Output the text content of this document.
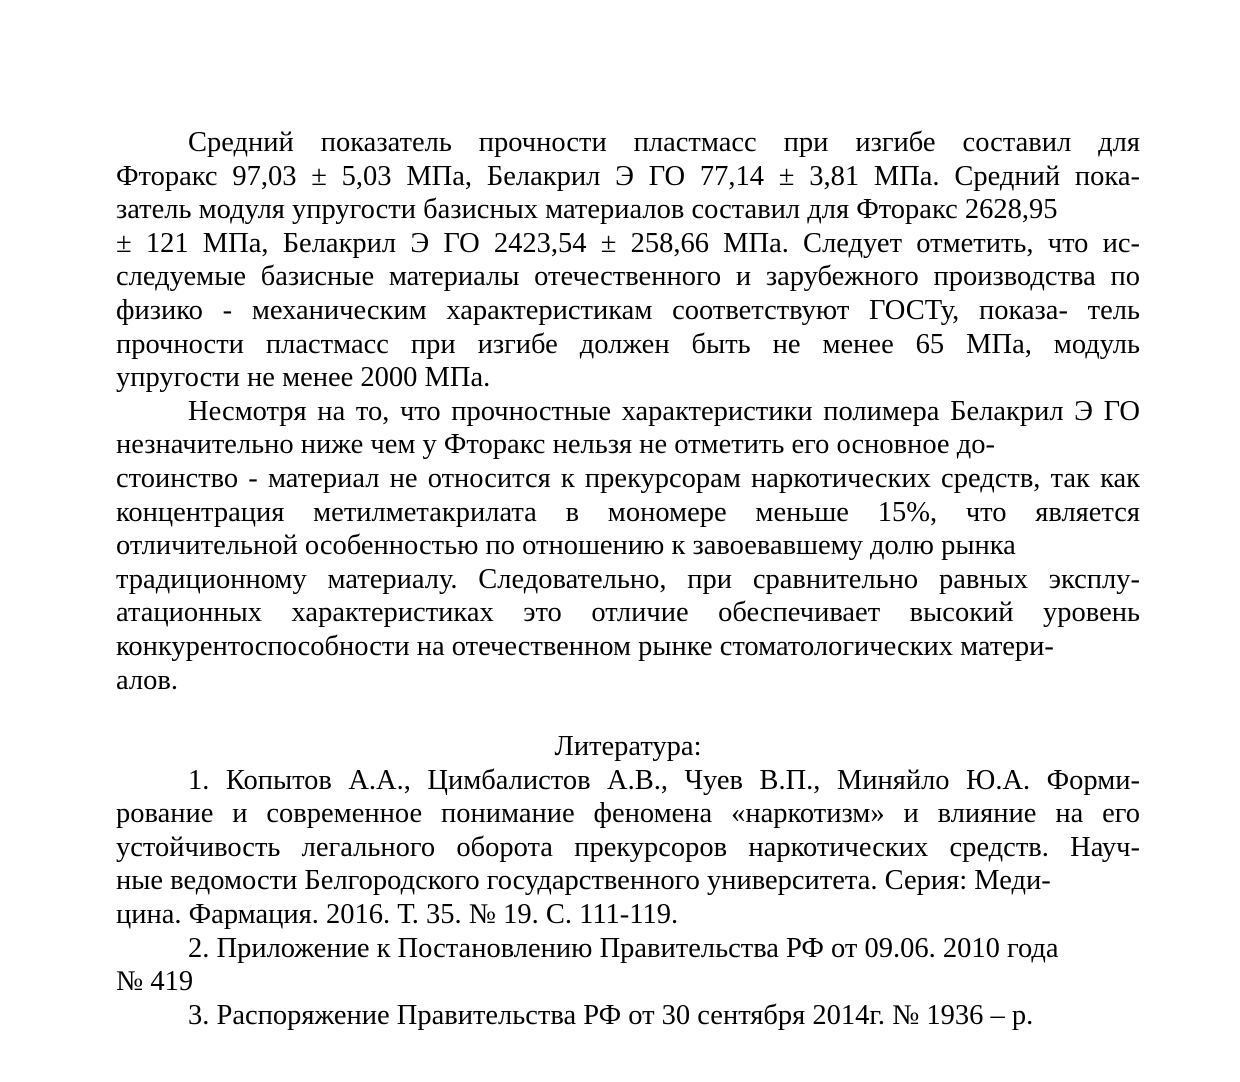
Средний показатель прочности пластмасс при изгибе составил для
Фторакс 97,03 ± 5,03 МПа, Белакрил Э ГО 77,14 ± 3,81 МПа. Средний пока-
затель модуля упругости базисных материалов составил для Фторакс 2628,95
± 121 МПа, Белакрил Э ГО 2423,54 ± 258,66 МПа. Следует отметить, что ис-
следуемые базисные материалы отечественного и зарубежного производства по
физико - механическим характеристикам соответствуют ГОСТу, показа- тель
прочности пластмасс при изгибе должен быть не менее 65 МПа, модуль
упругости не менее 2000 МПа.
Несмотря на то, что прочностные характеристики полимера Белакрил Э ГО
незначительно ниже чем у Фторакс нельзя не отметить его основное до-
стоинство - материал не относится к прекурсорам наркотических средств, так как
концентрация метилметакрилата в мономере меньше 15%, что является
отличительной особенностью по отношению к завоевавшему долю рынка
традиционному материалу. Следовательно, при сравнительно равных эксплу-
атационных характеристиках это отличие обеспечивает высокий уровень
конкурентоспособности на отечественном рынке стоматологических матери-
алов.
Литература:
1. Копытов А.А., Цимбалистов А.В., Чуев В.П., Миняйло Ю.А. Форми-
рование и современное понимание феномена «наркотизм» и влияние на его
устойчивость легального оборота прекурсоров наркотических средств. Науч-
ные ведомости Белгородского государственного университета. Серия: Меди-
цина. Фармация. 2016. Т. 35. № 19. С. 111-119.
2. Приложение к Постановлению Правительства РФ от 09.06. 2010 года
№ 419
3. Распоряжение Правительства РФ от 30 сентября 2014г. № 1936 – р.
